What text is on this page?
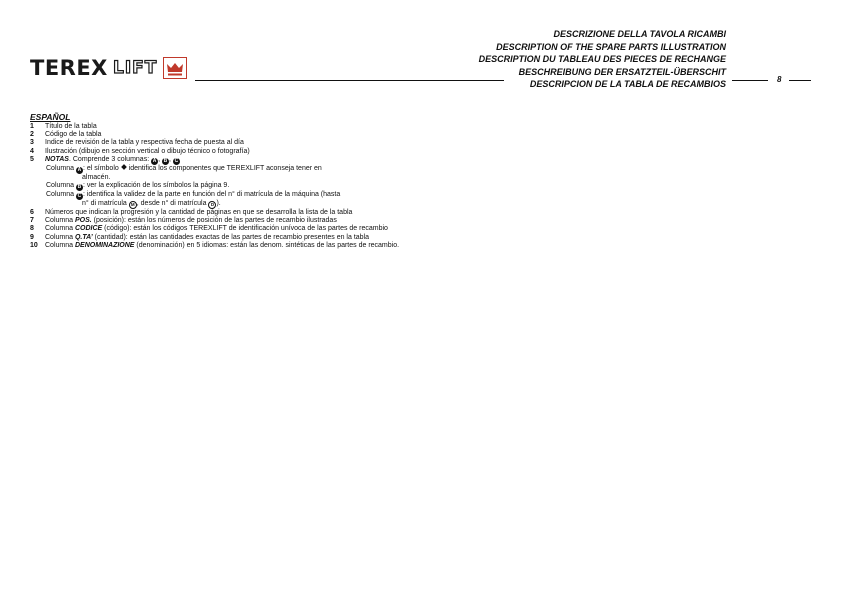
TEREX LIFT
DESCRIZIONE DELLA TAVOLA RICAMBI
DESCRIPTION OF THE SPARE PARTS ILLUSTRATION
DESCRIPTION DU TABLEAU DES PIECES DE RECHANGE
BESCHREIBUNG DER ERSATZTEIL-ÜBERSCHIT
DESCRIPCION DE LA TABLA DE RECAMBIOS	8
ESPAÑOL
1 Título de la tabla
2 Código de la tabla
3 Indice de revisión de la tabla y respectiva fecha de puesta al día
4 Ilustración (dibujo en sección vertical o dibujo técnico o fotografía)
5 NOTAS. Comprende 3 columnas: A , B , C
Columna A : el símbolo  identifica los componentes que TEREXLIFT aconseja tener en
almacén.
Columna B : ver la explicación de los símbolos la página 9.
Columna C : identifica la validez de la parte en función del n° di matrícula de la máquina (hasta
n° di matrícula M , desde n° di matrícula D ).
6 Números que indican la progresión y la cantidad de páginas en que se desarrolla la lista de la tabla
7 Columna POS. (posición): están los números de posición de las partes de recambio ilustradas
8 Columna CODICE (código): están los códigos TEREXLIFT de identificación unívoca de las partes de recambio
9 Columna Q.TA’ (cantidad): están las cantidades exactas de las partes de recambio presentes en la tabla
10 Columna DENOMINAZIONE (denominación) en 5 idiomas: están las denom. sintéticas de las partes de recambio.
